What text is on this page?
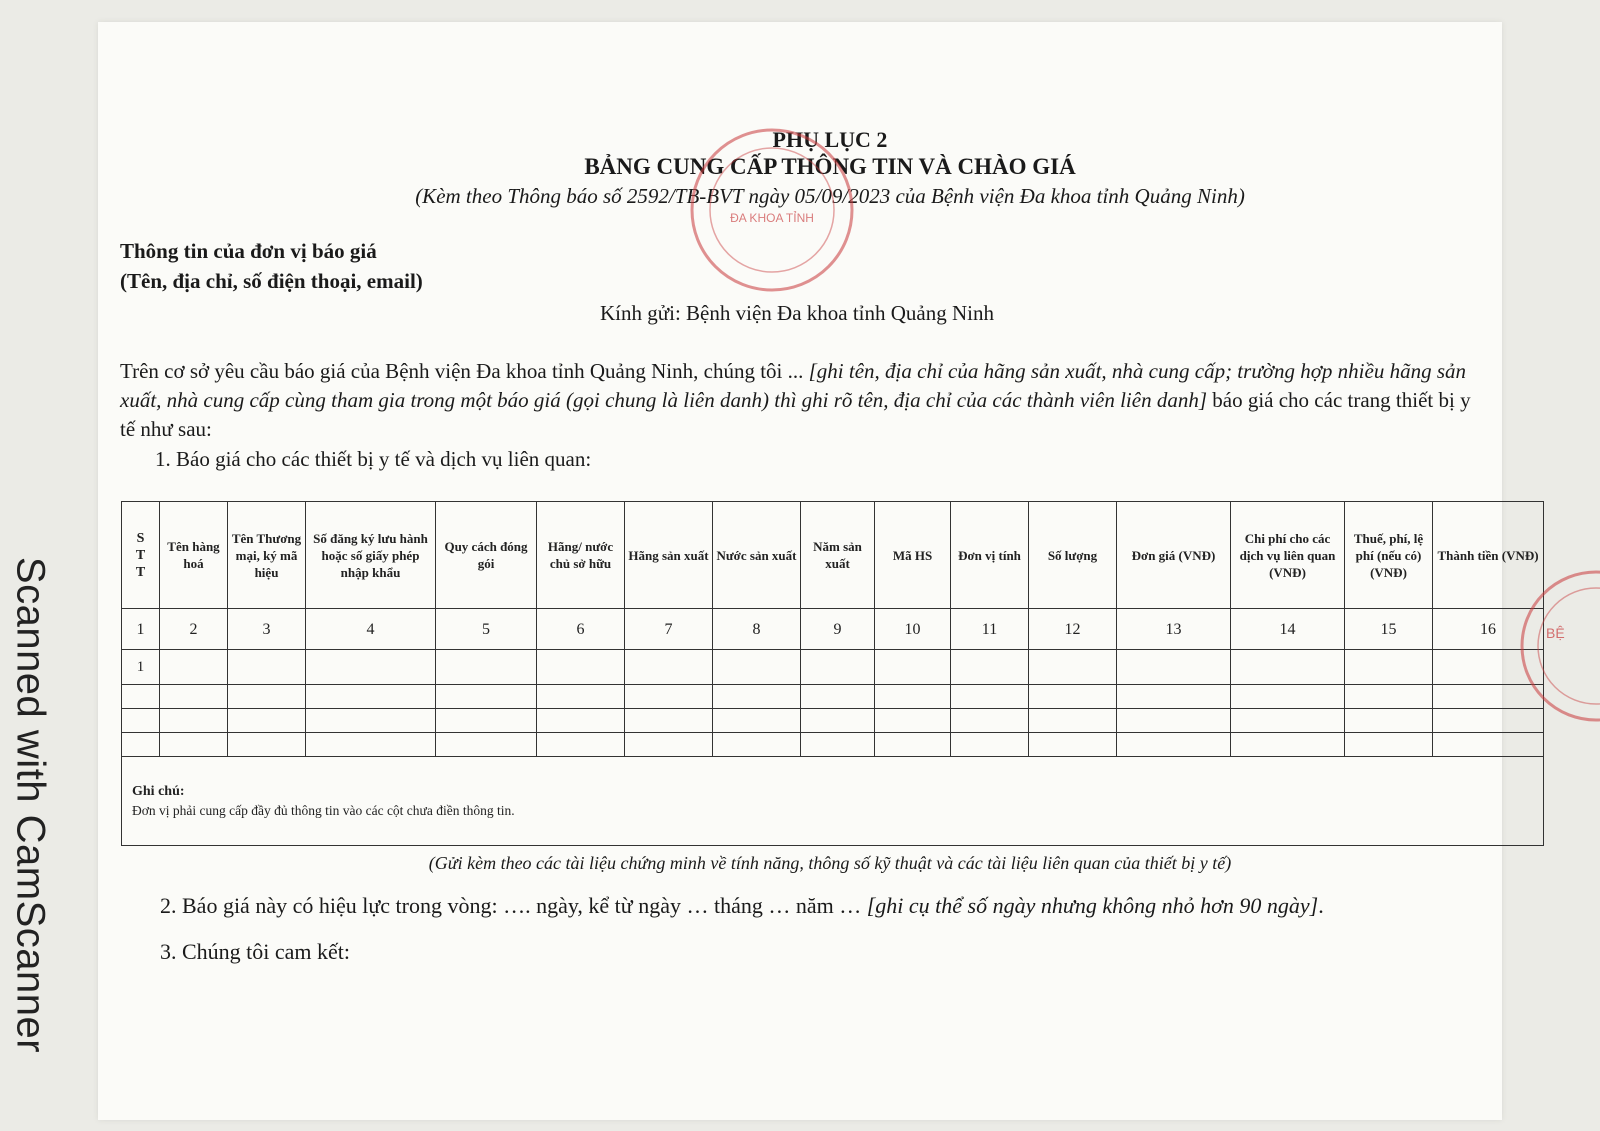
Scanned with CamScanner
PHỤ LỤC 2
BẢNG CUNG CẤP THÔNG TIN VÀ CHÀO GIÁ
(Kèm theo Thông báo số 2592/TB-BVT ngày 05/09/2023 của Bệnh viện Đa khoa tỉnh Quảng Ninh)
Thông tin của đơn vị báo giá
(Tên, địa chỉ, số điện thoại, email)
Kính gửi: Bệnh viện Đa khoa tỉnh Quảng Ninh
Trên cơ sở yêu cầu báo giá của Bệnh viện Đa khoa tỉnh Quảng Ninh, chúng tôi ... [ghi tên, địa chỉ của hãng sản xuất, nhà cung cấp; trường hợp nhiều hãng sản xuất, nhà cung cấp cùng tham gia trong một báo giá (gọi chung là liên danh) thì ghi rõ tên, địa chỉ của các thành viên liên danh] báo giá cho các trang thiết bị y tế như sau:
1. Báo giá cho các thiết bị y tế và dịch vụ liên quan:
S
T
T	Tên hàng hoá	Tên Thương mại, ký mã hiệu	Số đăng ký lưu hành hoặc số giấy phép nhập khẩu	Quy cách đóng gói	Hãng/ nước chủ sở hữu	Hãng sản xuất	Nước sản xuất	Năm sản xuất	Mã HS	Đơn vị tính	Số lượng	Đơn giá (VNĐ)	Chi phí cho các dịch vụ liên quan (VNĐ)	Thuế, phí, lệ phí (nếu có) (VNĐ)	Thành tiền (VNĐ)
1	2	3	4	5	6	7	8	9	10	11	12	13	14	15	16
1															

Ghi chú:
Đơn vị phải cung cấp đầy đủ thông tin vào các cột chưa điền thông tin.															
(Gửi kèm theo các tài liệu chứng minh về tính năng, thông số kỹ thuật và các tài liệu liên quan của thiết bị y tế)
2. Báo giá này có hiệu lực trong vòng: …. ngày, kể từ ngày … tháng … năm … [ghi cụ thể số ngày nhưng không nhỏ hơn 90 ngày].
3. Chúng tôi cam kết:
ĐA KHOA TỈNH
BỆ
